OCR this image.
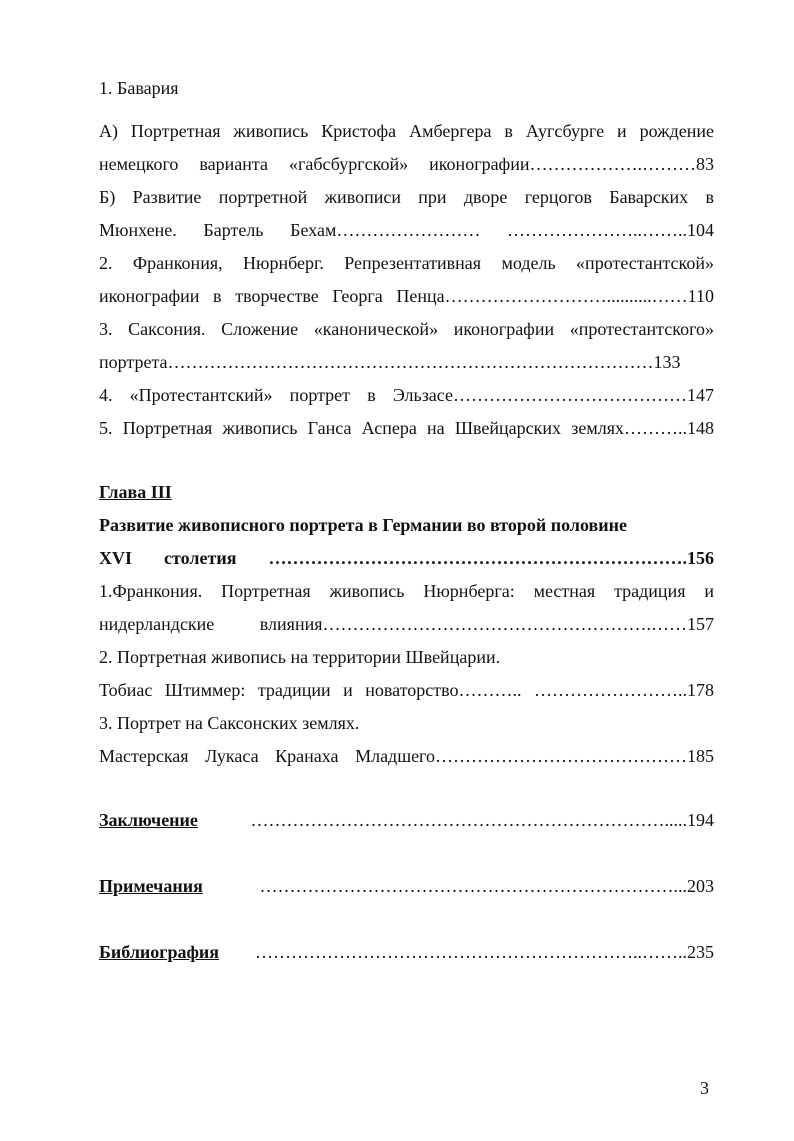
1. Бавария
А) Портретная живопись Кристофа Амбергера в Аугсбурге и рождение
немецкого варианта «габсбургской» иконографии……………….………83
Б) Развитие портретной живописи при дворе герцогов Баварских в
Мюнхене. Бартель Бехам…………………… …………………..……..104
2. Франкония, Нюрнберг. Репрезентативная модель «протестантской»
иконографии в творчестве Георга Пенца………………………..........……110
3. Саксония. Сложение «канонической» иконографии «протестантского»
портрета………………………………………………………………………133
4. «Протестантский» портрет в Эльзасе…………………………………147
5. Портретная живопись Ганса Аспера на Швейцарских землях………..148
Глава III
Развитие живописного портрета в Германии во второй половине
XVI столетия …………………………………………………………….156
1.Франкония. Портретная живопись Нюрнберга: местная традиция и
нидерландские влияния……………………………………………….……157
2. Портретная живопись на территории Швейцарии.
Тобиас Штиммер: традиции и новаторство……….. ……………………..178
3. Портрет на Саксонских землях.
Мастерская Лукаса Кранаха Младшего……………………………………185
Заключение	…………………………………………………………….....194
Примечания	……………………………………………………………...203
Библиография ………………………………………………………..……..235
3
